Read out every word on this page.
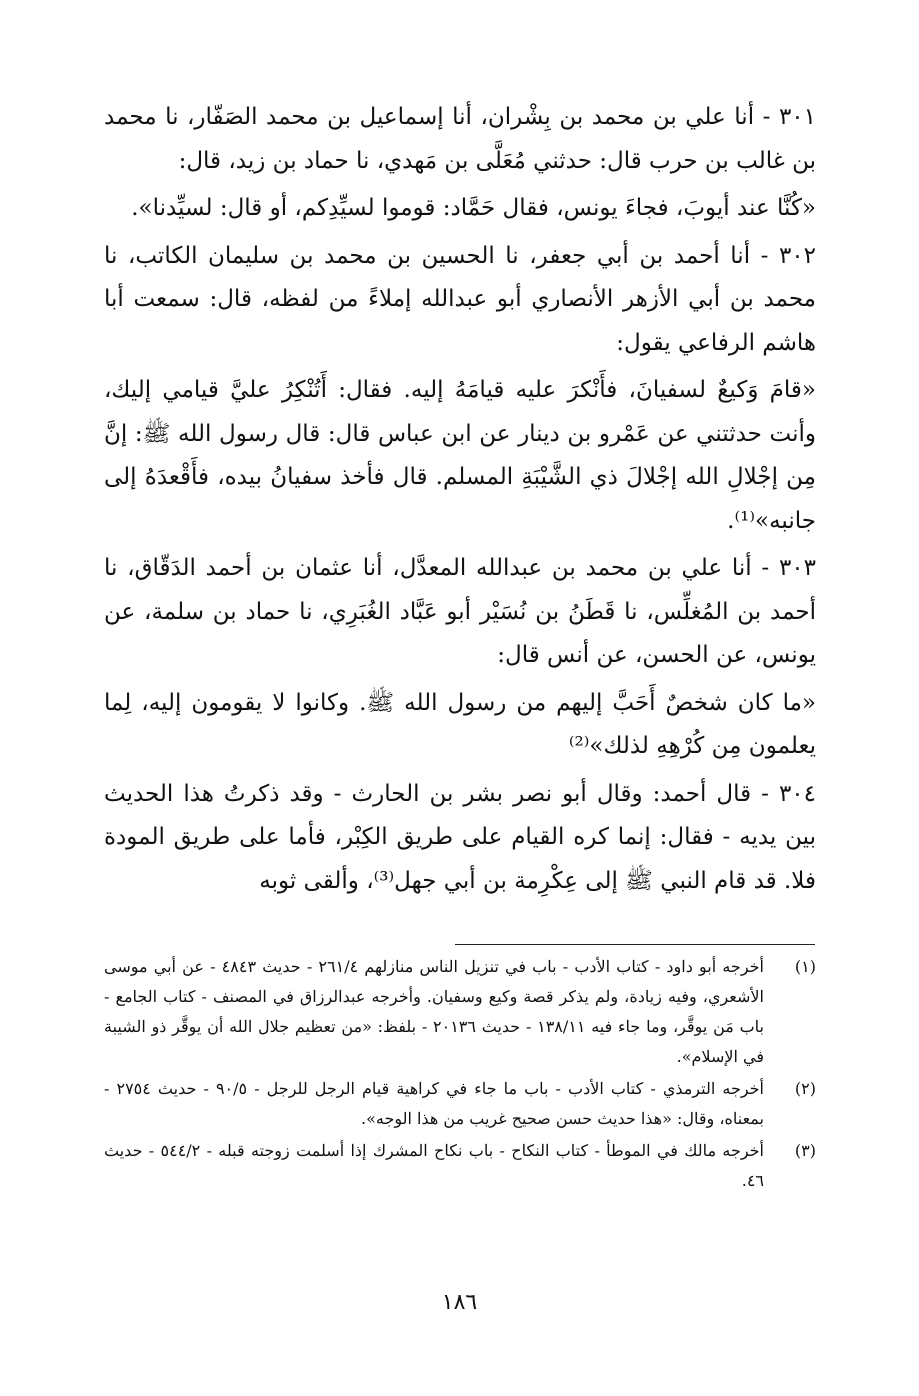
٣٠١ - أنا علي بن محمد بن بِشْران، أنا إسماعيل بن محمد الصَفّار، نا محمد بن غالب بن حرب قال: حدثني مُعَلَّى بن مَهدي، نا حماد بن زيد، قال:

«كُنَّا عند أيوبَ، فجاءَ يونس، فقال حَمَّاد: قوموا لسيِّدِكم، أو قال: لسيِّدنا».

٣٠٢ - أنا أحمد بن أبي جعفر، نا الحسين بن محمد بن سليمان الكاتب، نا محمد بن أبي الأزهر الأنصاري أبو عبدالله إملاءً من لفظه، قال: سمعت أبا هاشم الرفاعي يقول:

«قامَ وَكيعٌ لسفيانَ، فأَنْكرَ عليه قيامَهُ إليه. فقال: أَتُنْكِرُ عليَّ قيامي إليك، وأنت حدثتني عن عَمْرو بن دينار عن ابن عباس قال: قال رسول الله ﷺ: إنَّ مِن إجْلالِ الله إجْلالَ ذي الشَّيْبَةِ المسلم. قال فأخذ سفيانُ بيده، فأَقْعدَهُ إلى جانبه»⁽¹⁾.

٣٠٣ - أنا علي بن محمد بن عبدالله المعدَّل، أنا عثمان بن أحمد الدَقّاق، نا أحمد بن المُغلِّس، نا قَطَنُ بن نُسَيْر أبو عَبَّاد الغُبَرِي، نا حماد بن سلمة، عن يونس، عن الحسن، عن أنس قال:

«ما كان شخصٌ أَحَبَّ إليهم من رسول الله ﷺ. وكانوا لا يقومون إليه، لِما يعلمون مِن كُرْهِهِ لذلك»⁽²⁾

٣٠٤ - قال أحمد: وقال أبو نصر بشر بن الحارث - وقد ذكرتُ هذا الحديث بين يديه - فقال: إنما كره القيام على طريق الكِبْر، فأما على طريق المودة فلا. قد قام النبي ﷺ إلى عِكْرِمة بن أبي جهل⁽³⁾، وألقى ثوبه

(١)
أخرجه أبو داود - كتاب الأدب - باب في تنزيل الناس منازلهم ٢٦١/٤ - حديث ٤٨٤٣ - عن أبي موسى الأشعري، وفيه زيادة، ولم يذكر قصة وكيع وسفيان. وأخرجه عبدالرزاق في المصنف - كتاب الجامع - باب مَن يوقَّر، وما جاء فيه ١٣٨/١١ - حديث ٢٠١٣٦ - بلفظ: «من تعظيم جلال الله أن يوقَّر ذو الشيبة في الإسلام».
(٢)
أخرجه الترمذي - كتاب الأدب - باب ما جاء في كراهية قيام الرجل للرجل - ٩٠/٥ - حديث ٢٧٥٤ - بمعناه، وقال: «هذا حديث حسن صحيح غريب من هذا الوجه».
(٣)
أخرجه مالك في الموطأ - كتاب النكاح - باب نكاح المشرك إذا أسلمت زوجته قبله - ٥٤٤/٢ - حديث ٤٦.
١٨٦
